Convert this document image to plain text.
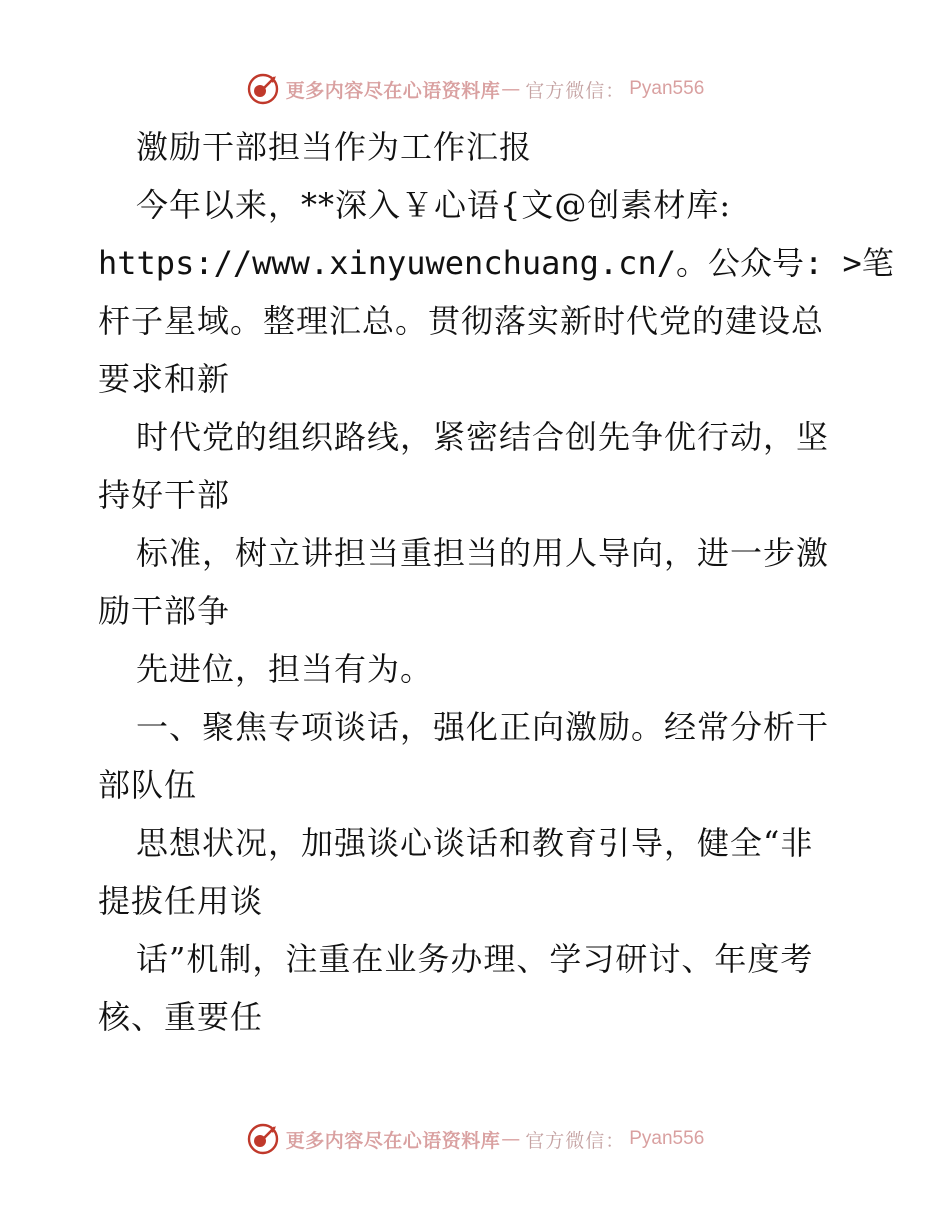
更多内容尽在心语资料库 — 官方微信： Pyan556
激励干部担当作为工作汇报
今年以来，**深入￥心语{文@创素材库:
https://www.xinyuwenchuang.cn/。公众号: >笔
杆子星域。整理汇总。贯彻落实新时代党的建设总
要求和新
时代党的组织路线，紧密结合创先争优行动，坚
持好干部
标准，树立讲担当重担当的用人导向，进一步激
励干部争
先进位，担当有为。
一、聚焦专项谈话，强化正向激励。经常分析干
部队伍
思想状况，加强谈心谈话和教育引导，健全“非
提拔任用谈
话”机制，注重在业务办理、学习研讨、年度考
核、重要任
更多内容尽在心语资料库 — 官方微信： Pyan556
